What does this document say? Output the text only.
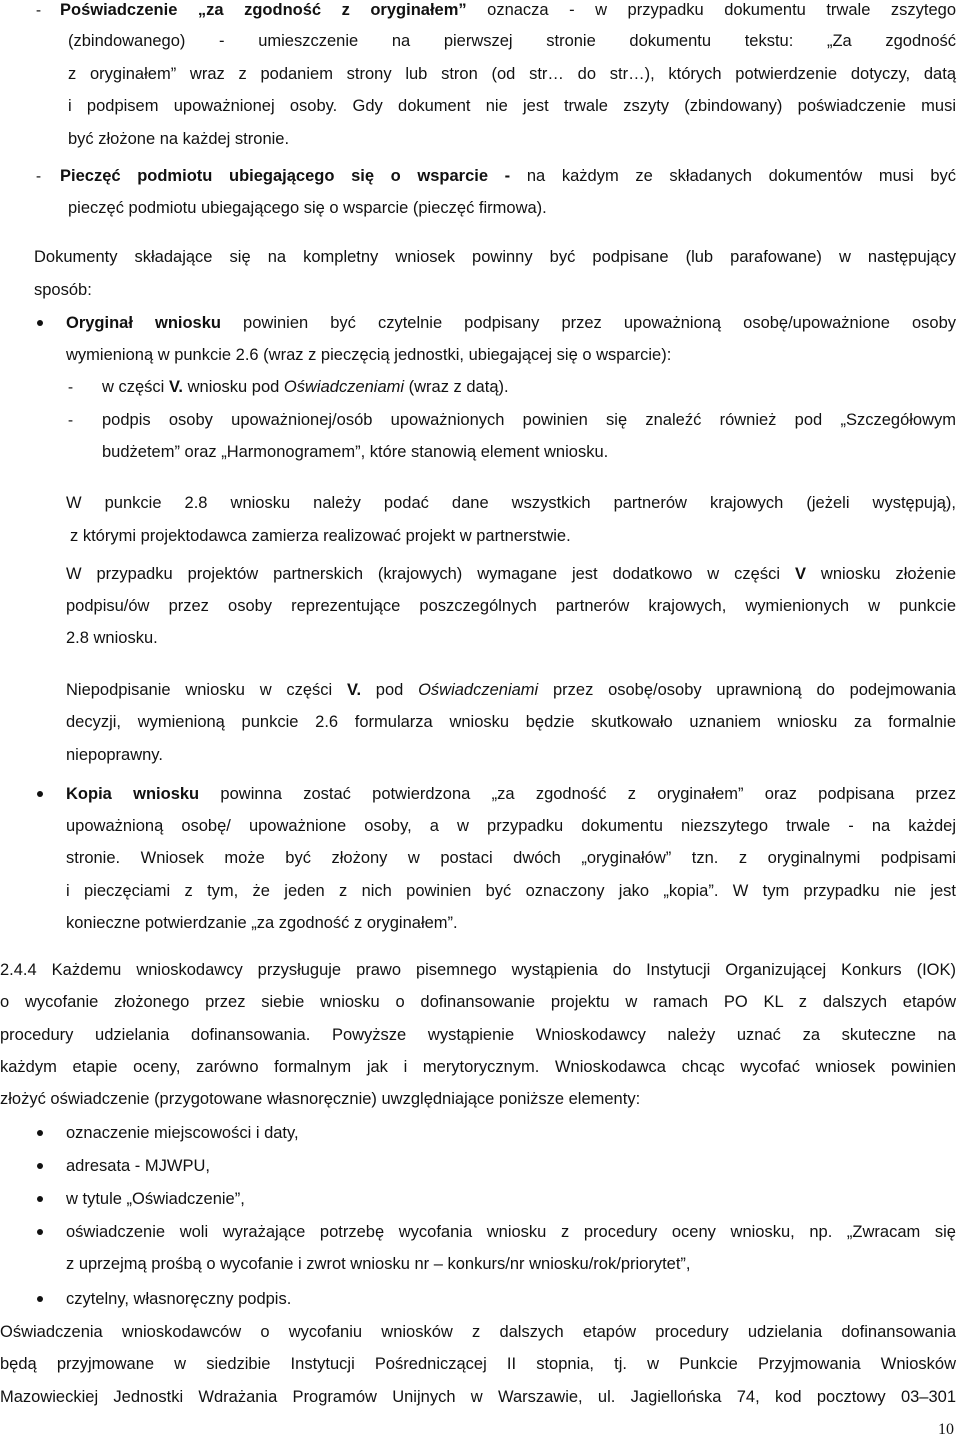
- Poświadczenie „za zgodność z oryginałem” oznacza - w przypadku dokumentu trwale zszytego
(zbindowanego) - umieszczenie na pierwszej stronie dokumentu tekstu: „Za zgodność
z oryginałem” wraz z podaniem strony lub stron (od str… do str…), których potwierdzenie dotyczy, datą
i podpisem upoważnionej osoby. Gdy dokument nie jest trwale zszyty (zbindowany) poświadczenie musi
być złożone na każdej stronie.
- Pieczęć podmiotu ubiegającego się o wsparcie - na każdym ze składanych dokumentów musi być
pieczęć podmiotu ubiegającego się o wsparcie (pieczęć firmowa).
Dokumenty składające się na kompletny wniosek powinny być podpisane (lub parafowane) w następujący
sposób:
Oryginał wniosku powinien być czytelnie podpisany przez upoważnioną osobę/upoważnione osoby
wymienioną w punkcie 2.6 (wraz z pieczęcią jednostki, ubiegającej się o wsparcie):
- w części V. wniosku pod Oświadczeniami (wraz z datą).
- podpis osoby upoważnionej/osób upoważnionych powinien się znaleźć również pod „Szczegółowym
budżetem” oraz „Harmonogramem”, które stanowią element wniosku.
W punkcie 2.8 wniosku należy podać dane wszystkich partnerów krajowych (jeżeli występują),
z którymi projektodawca zamierza realizować projekt w partnerstwie.
W przypadku projektów partnerskich (krajowych) wymagane jest dodatkowo w części V wniosku złożenie
podpisu/ów przez osoby reprezentujące poszczególnych partnerów krajowych, wymienionych w punkcie
2.8 wniosku.
Niepodpisanie wniosku w części V. pod Oświadczeniami przez osobę/osoby uprawnioną do podejmowania
decyzji, wymienioną punkcie 2.6 formularza wniosku będzie skutkowało uznaniem wniosku za formalnie
niepoprawny.
Kopia wniosku powinna zostać potwierdzona „za zgodność z oryginałem” oraz podpisana przez
upoważnioną osobę/ upoważnione osoby, a w przypadku dokumentu niezszytego trwale - na każdej
stronie. Wniosek może być złożony w postaci dwóch „oryginałów” tzn. z oryginalnymi podpisami
i pieczęciami z tym, że jeden z nich powinien być oznaczony jako „kopia”. W tym przypadku nie jest
konieczne potwierdzanie „za zgodność z oryginałem”.
2.4.4 Każdemu wnioskodawcy przysługuje prawo pisemnego wystąpienia do Instytucji Organizującej Konkurs (IOK)
o wycofanie złożonego przez siebie wniosku o dofinansowanie projektu w ramach PO KL z dalszych etapów
procedury udzielania dofinansowania. Powyższe wystąpienie Wnioskodawcy należy uznać za skuteczne na
każdym etapie oceny, zarówno formalnym jak i merytorycznym. Wnioskodawca chcąc wycofać wniosek powinien
złożyć oświadczenie (przygotowane własnoręcznie) uwzględniające poniższe elementy:
oznaczenie miejscowości i daty,
adresata - MJWPU,
w tytule „Oświadczenie”,
oświadczenie woli wyrażające potrzebę wycofania wniosku z procedury oceny wniosku, np. „Zwracam się
z uprzejmą prośbą o wycofanie i zwrot wniosku nr – konkurs/nr wniosku/rok/priorytet”,
czytelny, własnoręczny podpis.
Oświadczenia wnioskodawców o wycofaniu wniosków z dalszych etapów procedury udzielania dofinansowania
będą przyjmowane w siedzibie Instytucji Pośredniczącej II stopnia, tj. w Punkcie Przyjmowania Wniosków
Mazowieckiej Jednostki Wdrażania Programów Unijnych w Warszawie, ul. Jagiellońska 74, kod pocztowy 03–301
10
